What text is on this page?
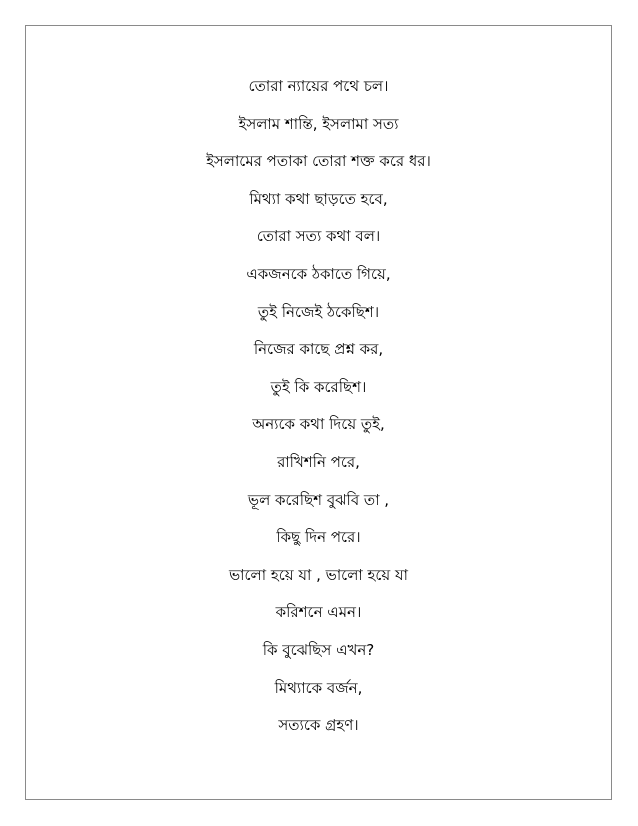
তোরা ন্যায়ের পথে চল।
ইসলাম শান্তি, ইসলামা সত্য
ইসলামের পতাকা তোরা শক্ত করে ধর।
মিথ্যা কথা ছাড়তে হবে,
তোরা সত্য কথা বল।
একজনকে ঠকাতে গিয়ে,
তুই নিজেই ঠকেছিশ।
নিজের কাছে প্রশ্ন কর,
তুই কি করেছিশ।
অন্যকে কথা দিয়ে তুই,
রাখিশনি পরে,
ভূল করেছিশ বুঝবি তা ,
কিছু দিন পরে।
ভালো হয়ে যা , ভালো হয়ে যা
করিশনে এমন।
কি বুঝেছিস এখন?
মিথ্যাকে বর্জন,
সত্যকে গ্রহণ।
